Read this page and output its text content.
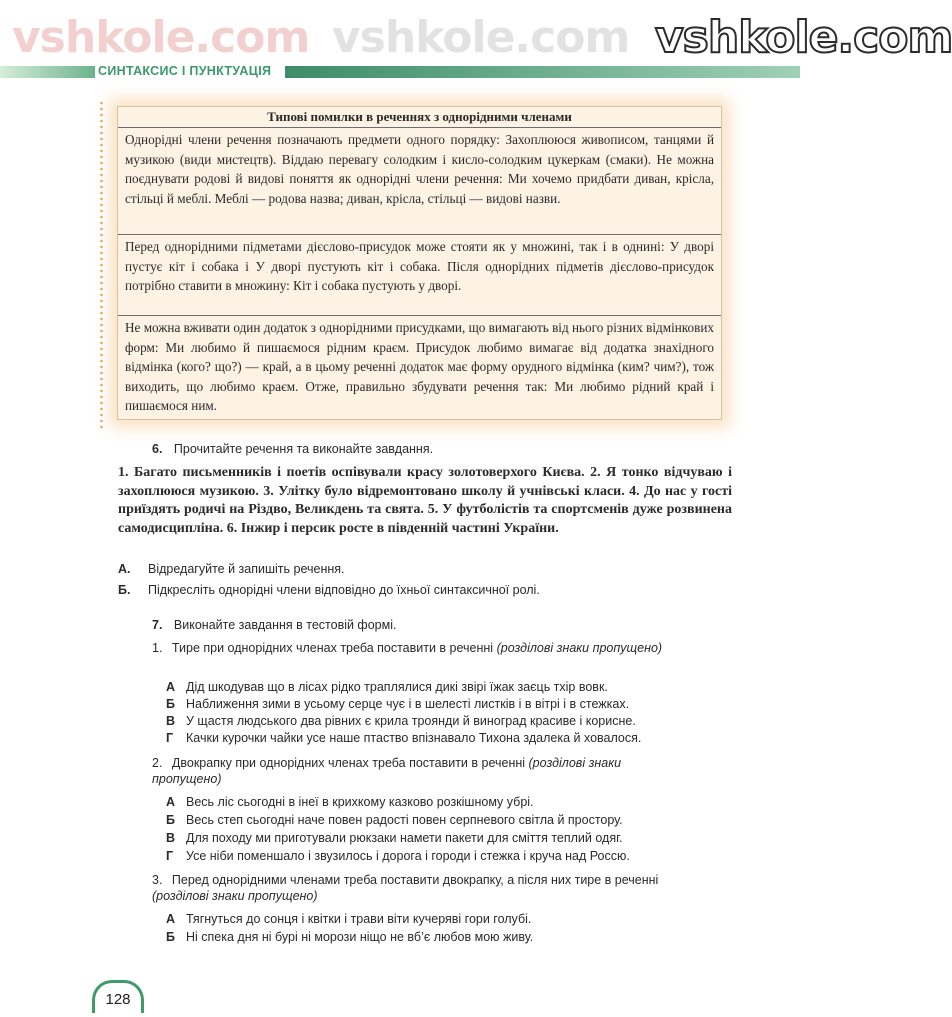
vshkole.com vshkole.com vshkole.com
СИНТАКСИС І ПУНКТУАЦІЯ
Типові помилки в реченнях з однорідними членами
Однорідні члени речення позначають предмети одного порядку: Захоплююся живописом, танцями й музикою (види мистецтв). Віддаю перевагу солодким і кисло-солодким цукеркам (смаки). Не можна поєднувати родові й видові поняття як однорідні члени речення: Ми хочемо придбати диван, крісла, стільці й меблі. Меблі — родова назва; диван, крісла, стільці — видові назви.
Перед однорідними підметами дієслово-присудок може стояти як у множині, так і в однині: У дворі пустує кіт і собака і У дворі пустують кіт і собака. Після однорідних підметів дієслово-присудок потрібно ставити в множину: Кіт і собака пустують у дворі.
Не можна вживати один додаток з однорідними присудками, що вимагають від нього різних відмінкових форм: Ми любимо й пишаємося рідним краєм. Присудок любимо вимагає від додатка знахідного відмінка (кого? що?) — край, а в цьому реченні додаток має форму орудного відмінка (ким? чим?), тож виходить, що любимо краєм. Отже, правильно збудувати речення так: Ми любимо рідний край і пишаємося ним.
6. Прочитайте речення та виконайте завдання.
1. Багато письменників і поетів оспівували красу золотоверхого Києва. 2. Я тонко відчуваю і захоплююся музикою. 3. Улітку було відремонтовано школу й учнівські класи. 4. До нас у гості приїздять родичі на Різдво, Великдень та свята. 5. У футболістів та спортсменів дуже розвинена самодисципліна. 6. Інжир і персик росте в південній частині України.
А. Відредагуйте й запишіть речення.
Б. Підкресліть однорідні члени відповідно до їхньої синтаксичної ролі.
7. Виконайте завдання в тестовій формі.
1. Тире при однорідних членах треба поставити в реченні (розділові знаки пропущено)
А Дід шкодував що в лісах рідко траплялися дикі звірі їжак заєць тхір вовк.
Б Наближення зими в усьому серце чує і в шелесті листків і в вітрі і в стежках.
В У щастя людського два рівних є крила троянди й виноград красиве і корисне.
Г Качки курочки чайки усе наше птаство впізнавало Тихона здалека й ховалося.
2. Двокрапку при однорідних членах треба поставити в реченні (розділові знаки пропущено)
А Весь ліс сьогодні в інеї в крихкому казково розкішному убрі.
Б Весь степ сьогодні наче повен радості повен серпневого світла й простору.
В Для походу ми приготували рюкзаки намети пакети для сміття теплий одяг.
Г Усе ніби поменшало і звузилось і дорога і городи і стежка і круча над Россю.
3. Перед однорідними членами треба поставити двокрапку, а після них тире в реченні (розділові знаки пропущено)
А Тягнуться до сонця і квітки і трави віти кучеряві гори голубі.
Б Ні спека дня ні бурі ні морози ніщо не вб’є любов мою живу.
128
